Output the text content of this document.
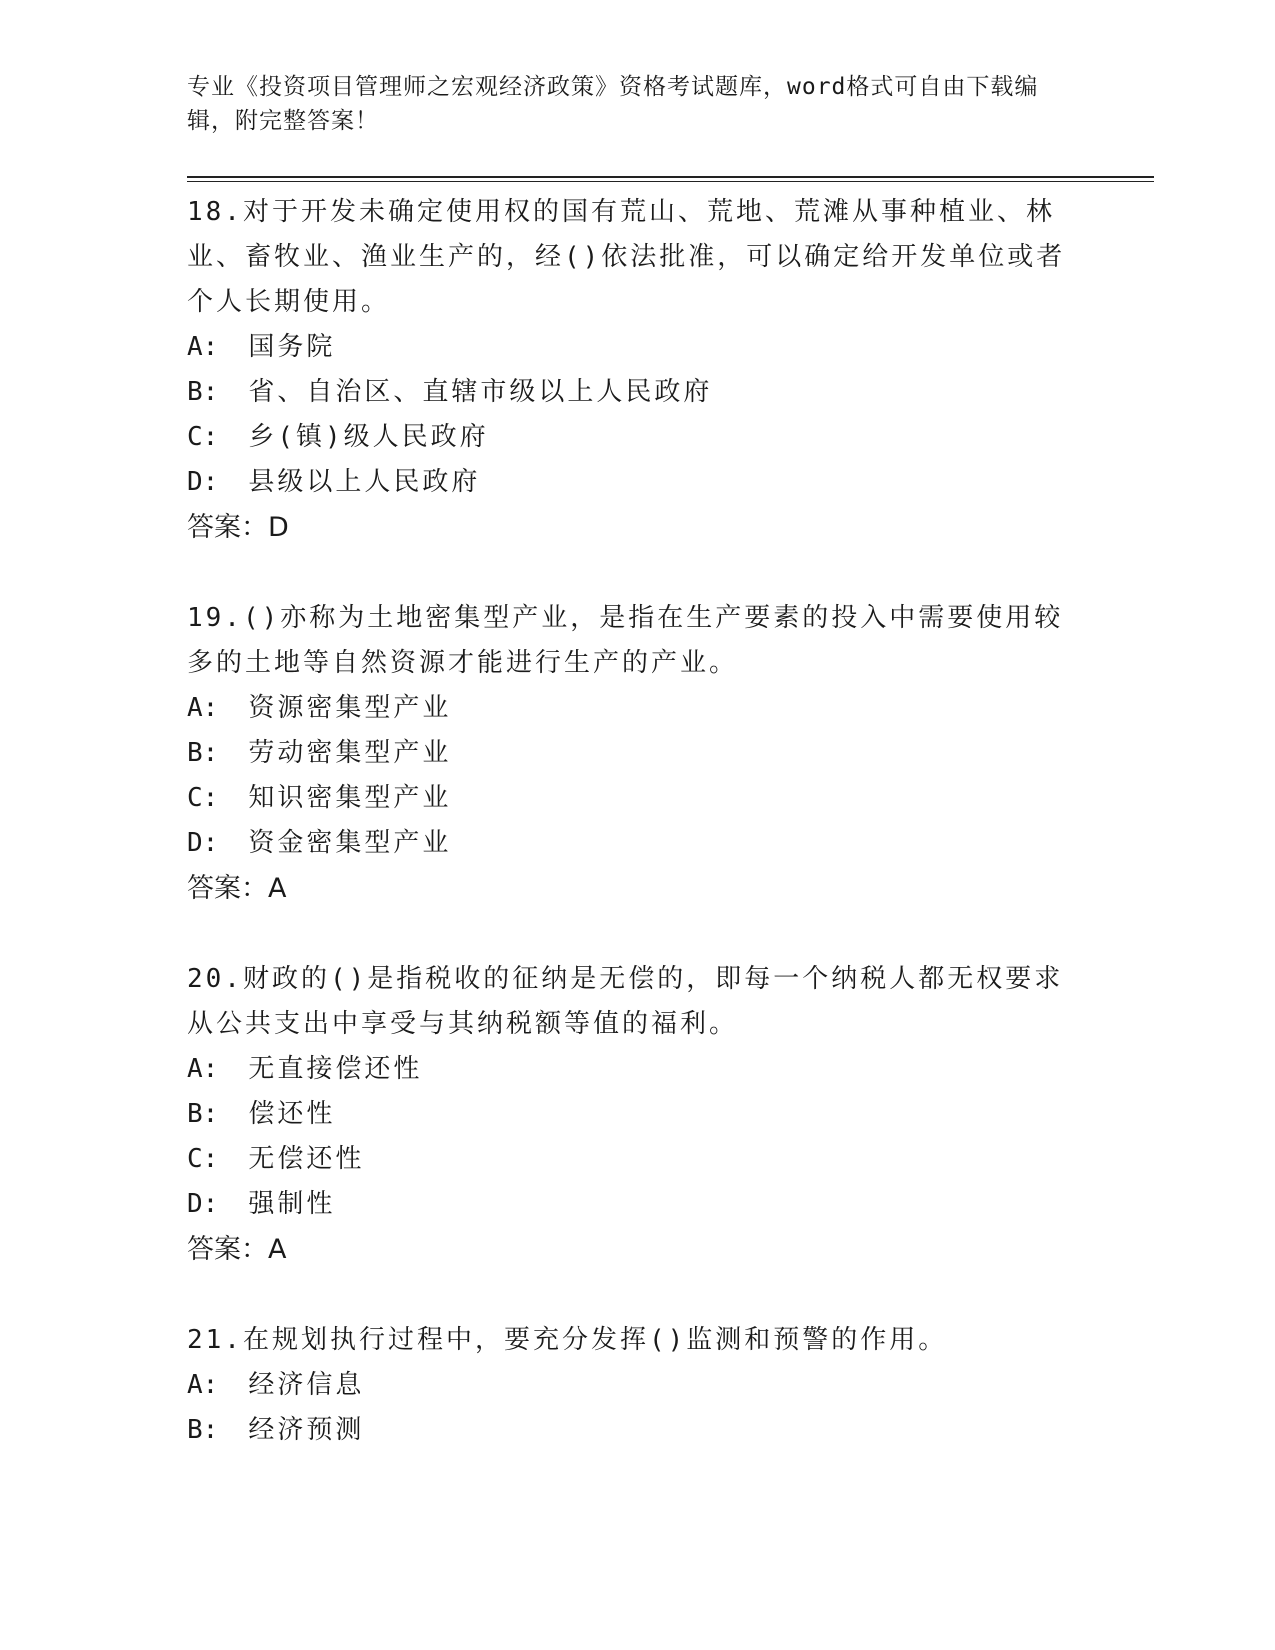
专业《投资项目管理师之宏观经济政策》资格考试题库，word格式可自由下载编
辑，附完整答案！

18.对于开发未确定使用权的国有荒山、荒地、荒滩从事种植业、林业、畜牧业、渔业生产的，经()依法批准，可以确定给开发单位或者个人长期使用。

A: 国务院
B: 省、自治区、直辖市级以上人民政府
C: 乡(镇)级人民政府
D: 县级以上人民政府

答案：D

19.()亦称为土地密集型产业，是指在生产要素的投入中需要使用较多的土地等自然资源才能进行生产的产业。

A: 资源密集型产业
B: 劳动密集型产业
C: 知识密集型产业
D: 资金密集型产业

答案：A

20.财政的()是指税收的征纳是无偿的，即每一个纳税人都无权要求从公共支出中享受与其纳税额等值的福利。

A: 无直接偿还性
B: 偿还性
C: 无偿还性
D: 强制性

答案：A

21.在规划执行过程中，要充分发挥()监测和预警的作用。

A: 经济信息
B: 经济预测
